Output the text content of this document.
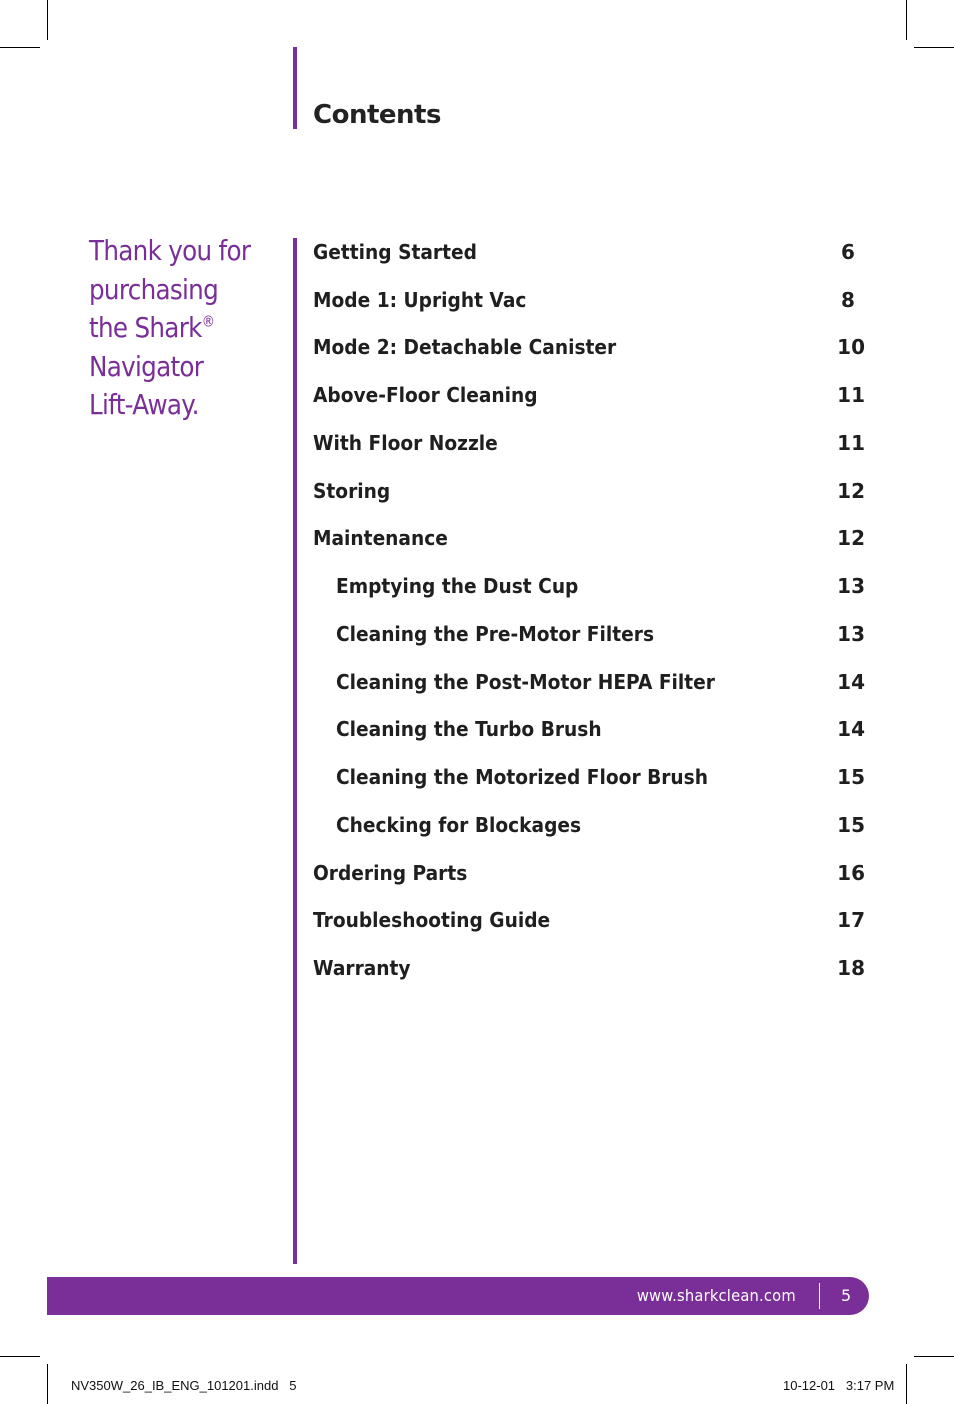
Contents

Thank you for
purchasing
the Shark®
Navigator
Lift-Away.

Getting Started	6
Mode 1: Upright Vac	8
Mode 2: Detachable Canister	10
Above-Floor Cleaning	11
With Floor Nozzle	11
Storing	12
Maintenance	12
Emptying the Dust Cup	13
Cleaning the Pre-Motor Filters	13
Cleaning the Post-Motor HEPA Filter	14
Cleaning the Turbo Brush	14
Cleaning the Motorized Floor Brush	15
Checking for Blockages	15
Ordering Parts	16
Troubleshooting Guide	17
Warranty	18
www.sharkclean.com	5
NV350W_26_IB_ENG_101201.indd   5	10-12-01   3:17 PM
